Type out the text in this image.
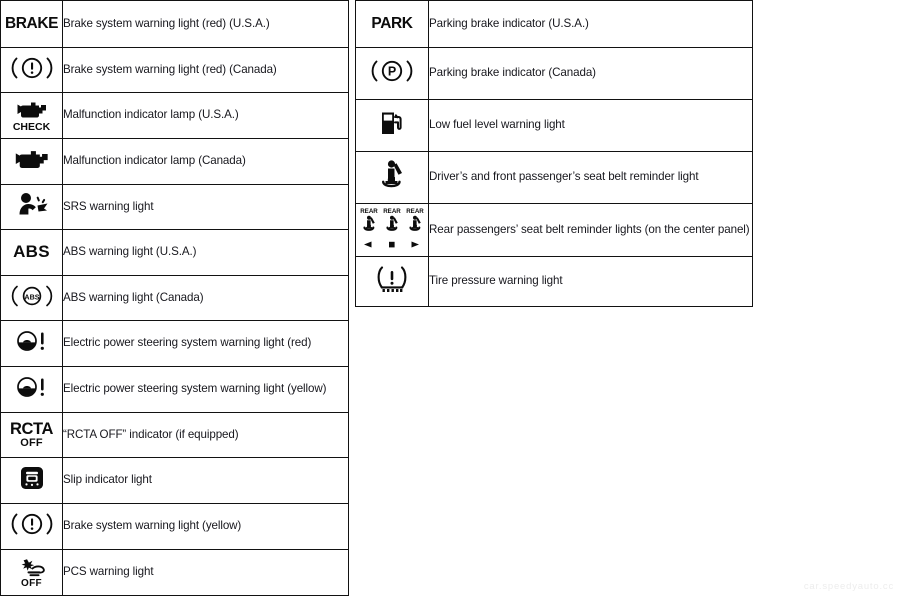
BRAKE	Brake system warning light (red) (U.S.A.)

	Brake system warning light (red) (Canada)

CHECK	Malfunction indicator lamp (U.S.A.)

	Malfunction indicator lamp (Canada)

	SRS warning light

ABS	ABS warning light (U.S.A.)

ABS	ABS warning light (Canada)

	Electric power steering system warning light (red)

	Electric power steering system warning light (yellow)

RCTA
OFF	“RCTA OFF” indicator (if equipped)

	Slip indicator light

	Brake system warning light (yellow)

OFF	PCS warning light
PARK	Parking brake indicator (U.S.A.)

P	Parking brake indicator (Canada)

	Low fuel level warning light

	Driver’s and front passenger’s seat belt reminder light

REAR REAR REAR	Rear passengers’ seat belt reminder lights (on the center panel)

	Tire pressure warning light
car.speedyauto.cc
